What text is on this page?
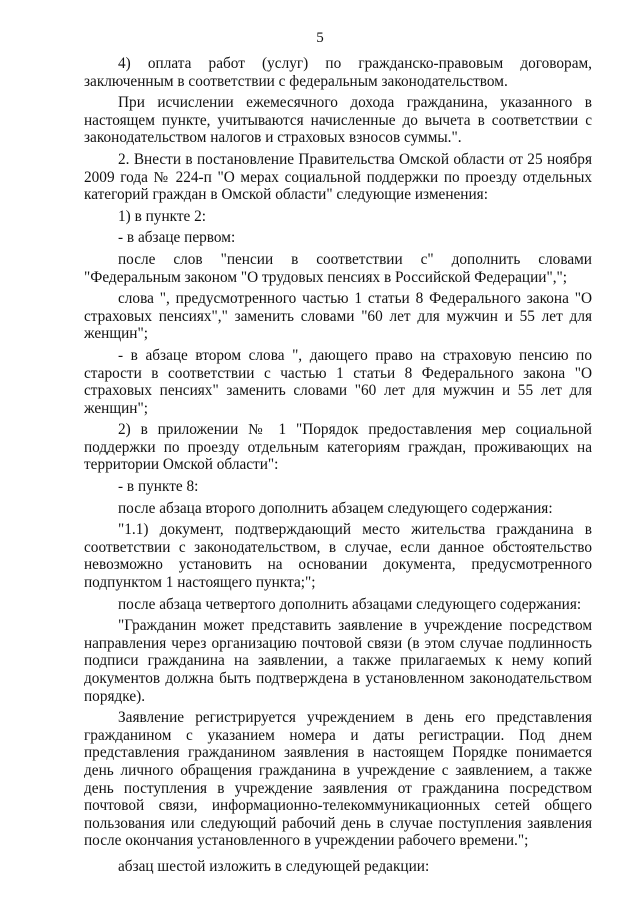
5

4) оплата работ (услуг) по гражданско-правовым договорам, заключенным в соответствии с федеральным законодательством.

При исчислении ежемесячного дохода гражданина, указанного в настоящем пункте, учитываются начисленные до вычета в соответствии с законодательством налогов и страховых взносов суммы.".

2. Внести в постановление Правительства Омской области от 25 ноября 2009 года № 224-п "О мерах социальной поддержки по проезду отдельных категорий граждан в Омской области" следующие изменения:

1) в пункте 2:

- в абзаце первом:

после слов "пенсии в соответствии с" дополнить словами "Федеральным законом "О трудовых пенсиях в Российской Федерации",";

слова ", предусмотренного частью 1 статьи 8 Федерального закона "О страховых пенсиях"," заменить словами "60 лет для мужчин и 55 лет для женщин";

- в абзаце втором слова ", дающего право на страховую пенсию по старости в соответствии с частью 1 статьи 8 Федерального закона "О страховых пенсиях" заменить словами "60 лет для мужчин и 55 лет для женщин";

2) в приложении № 1 "Порядок предоставления мер социальной поддержки по проезду отдельным категориям граждан, проживающих на территории Омской области":

- в пункте 8:

после абзаца второго дополнить абзацем следующего содержания:

"1.1) документ, подтверждающий место жительства гражданина в соответствии с законодательством, в случае, если данное обстоятельство невозможно установить на основании документа, предусмотренного подпунктом 1 настоящего пункта;";

после абзаца четвертого дополнить абзацами следующего содержания:

"Гражданин может представить заявление в учреждение посредством направления через организацию почтовой связи (в этом случае подлинность подписи гражданина на заявлении, а также прилагаемых к нему копий документов должна быть подтверждена в установленном законодательством порядке).

Заявление регистрируется учреждением в день его представления гражданином с указанием номера и даты регистрации. Под днем представления гражданином заявления в настоящем Порядке понимается день личного обращения гражданина в учреждение с заявлением, а также день поступления в учреждение заявления от гражданина посредством почтовой связи, информационно-телекоммуникационных сетей общего пользования или следующий рабочий день в случае поступления заявления после окончания установленного в учреждении рабочего времени.";

абзац шестой изложить в следующей редакции:
